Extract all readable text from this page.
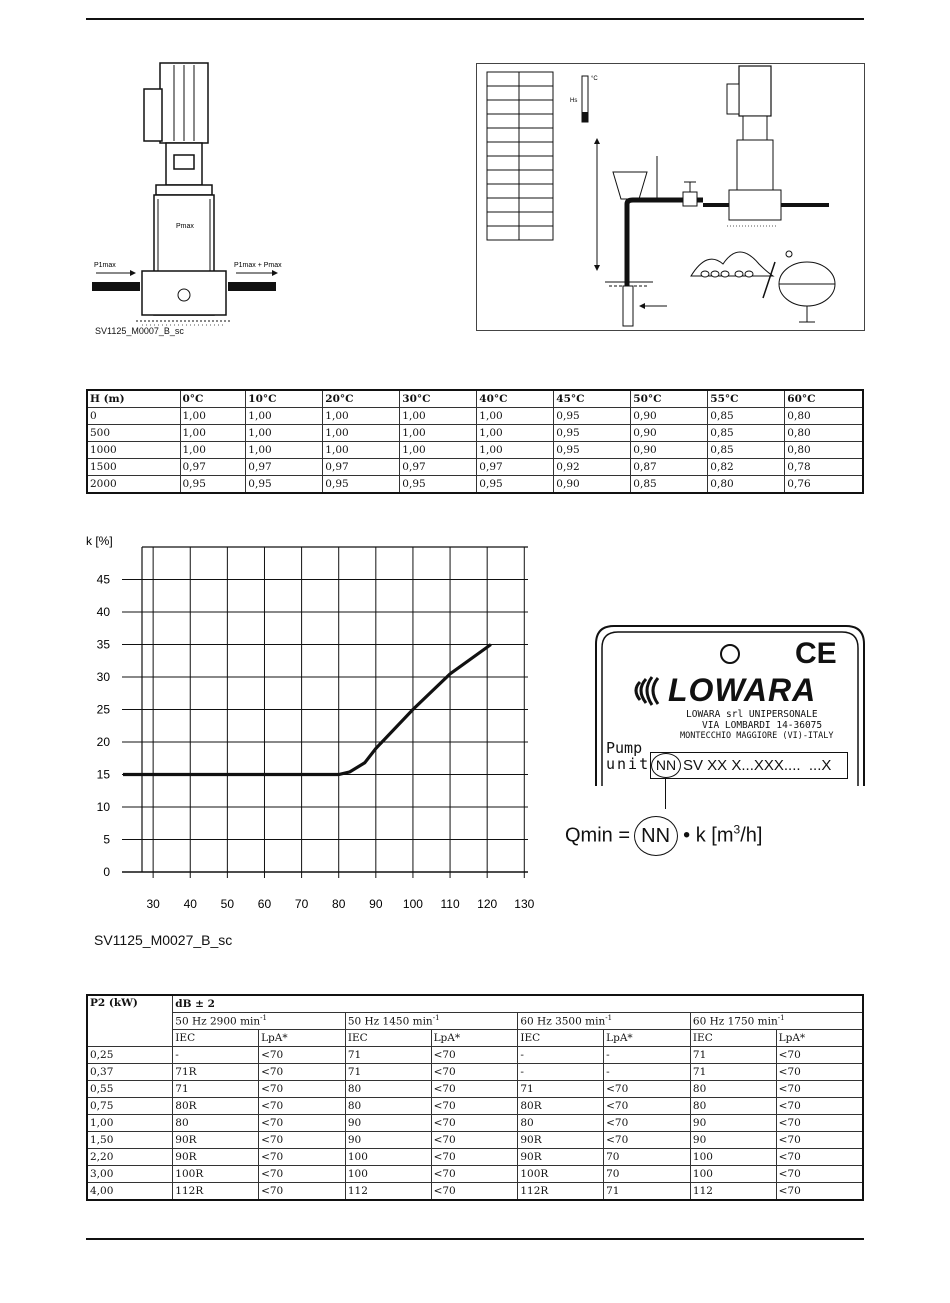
Pmax
P1max	P1max + Pmax
SV1125_M0007_B_sc
°C
Hs
H (m)	0°C	10°C	20°C	30°C	40°C	45°C	50°C	55°C	60°C
0	1,00	1,00	1,00	1,00	1,00	0,95	0,90	0,85	0,80
500	1,00	1,00	1,00	1,00	1,00	0,95	0,90	0,85	0,80
1000	1,00	1,00	1,00	1,00	1,00	0,95	0,90	0,85	0,80
1500	0,97	0,97	0,97	0,97	0,97	0,92	0,87	0,82	0,78
2000	0,95	0,95	0,95	0,95	0,95	0,90	0,85	0,80	0,76
30 40 50 60 70 80 90 100 110 120 130
0
5
10
15
20
25
30
35
40
45
k [%]
SV1125_M0027_B_sc
CE
LOWARA
LOWARA srl UNIPERSONALE
VIA LOMBARDI 14-36075
MONTECCHIO MAGGIORE (VI)-ITALY
Pump
unit NN SV XX X...XXX....  ...X
Qmin = NN • k $[m^3/h]$
P2 (kW)	dB ± 2							
	50 Hz 2900 $\min^{-1}$		50 Hz 1450 $\min^{-1}$		60 Hz 3500 $\min^{-1}$		60 Hz 1750 $\min^{-1}$
	IEC	LpA*	IEC	LpA*	IEC	LpA*	IEC	LpA*
0,25	-	<70	71	<70	-	-	71	<70
0,37	71R	<70	71	<70	-	-	71	<70
0,55	71	<70	80	<70	71	<70	80	<70
0,75	80R	<70	80	<70	80R	<70	80	<70
1,00	80	<70	90	<70	80	<70	90	<70
1,50	90R	<70	90	<70	90R	<70	90	<70
2,20	90R	<70	100	<70	90R	70	100	<70
3,00	100R	<70	100	<70	100R	70	100	<70
4,00	112R	<70	112	<70	112R	71	112	<70
